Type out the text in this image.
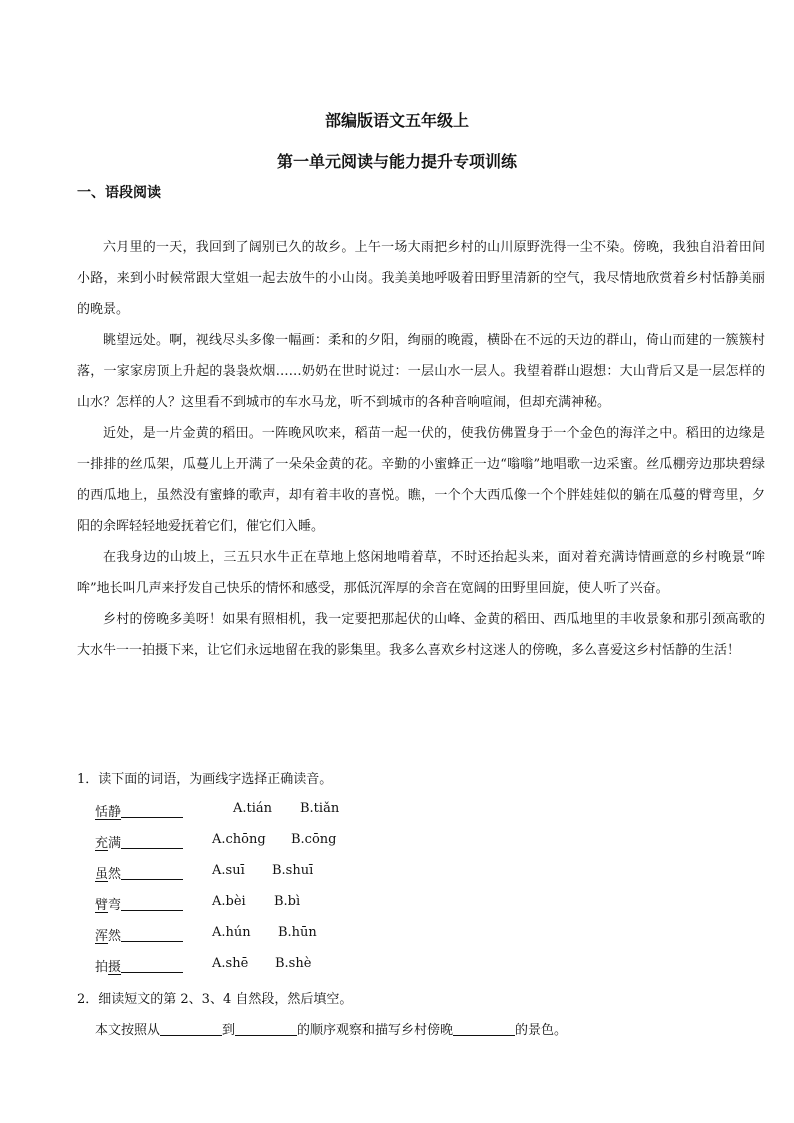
部编版语文五年级上
第一单元阅读与能力提升专项训练
一、语段阅读

六月里的一天，我回到了阔别已久的故乡。上午一场大雨把乡村的山川原野洗得一尘不染。傍晚，我独自沿着田间小路，来到小时候常跟大堂姐一起去放牛的小山岗。我美美地呼吸着田野里清新的空气，我尽情地欣赏着乡村恬静美丽的晚景。

眺望远处。啊，视线尽头多像一幅画：柔和的夕阳，绚丽的晚霞，横卧在不远的天边的群山，倚山而建的一簇簇村落，一家家房顶上升起的袅袅炊烟……奶奶在世时说过：一层山水一层人。我望着群山遐想：大山背后又是一层怎样的山水？怎样的人？这里看不到城市的车水马龙，听不到城市的各种音响喧闹，但却充满神秘。

近处，是一片金黄的稻田。一阵晚风吹来，稻苗一起一伏的，使我仿佛置身于一个金色的海洋之中。稻田的边缘是一排排的丝瓜架，瓜蔓儿上开满了一朵朵金黄的花。辛勤的小蜜蜂正一边“嗡嗡”地唱歌一边采蜜。丝瓜棚旁边那块碧绿的西瓜地上，虽然没有蜜蜂的歌声，却有着丰收的喜悦。瞧，一个个大西瓜像一个个胖娃娃似的躺在瓜蔓的臂弯里，夕阳的余晖轻轻地爱抚着它们，催它们入睡。

在我身边的山坡上，三五只水牛正在草地上悠闲地啃着草，不时还抬起头来，面对着充满诗情画意的乡村晚景“哞哞”地长叫几声来抒发自己快乐的情怀和感受，那低沉浑厚的余音在宽阔的田野里回旋，使人听了兴奋。

乡村的傍晚多美呀！如果有照相机，我一定要把那起伏的山峰、金黄的稻田、西瓜地里的丰收景象和那引颈高歌的大水牛一一拍摄下来，让它们永远地留在我的影集里。我多么喜欢乡村这迷人的傍晚，多么喜爱这乡村恬静的生活！

1．读下面的词语，为画线字选择正确读音。
恬静	A.tián B.tiǎn
充满	A.chōng B.cōng
虽然	A.suī B.shuī
臂弯	A.bèi B.bì
浑然	A.hún B.hūn
拍摄	A.shē B.shè
2．细读短文的第 2、3、4 自然段，然后填空。
本文按照从	到	的顺序观察和描写乡村傍晚	的景色。
